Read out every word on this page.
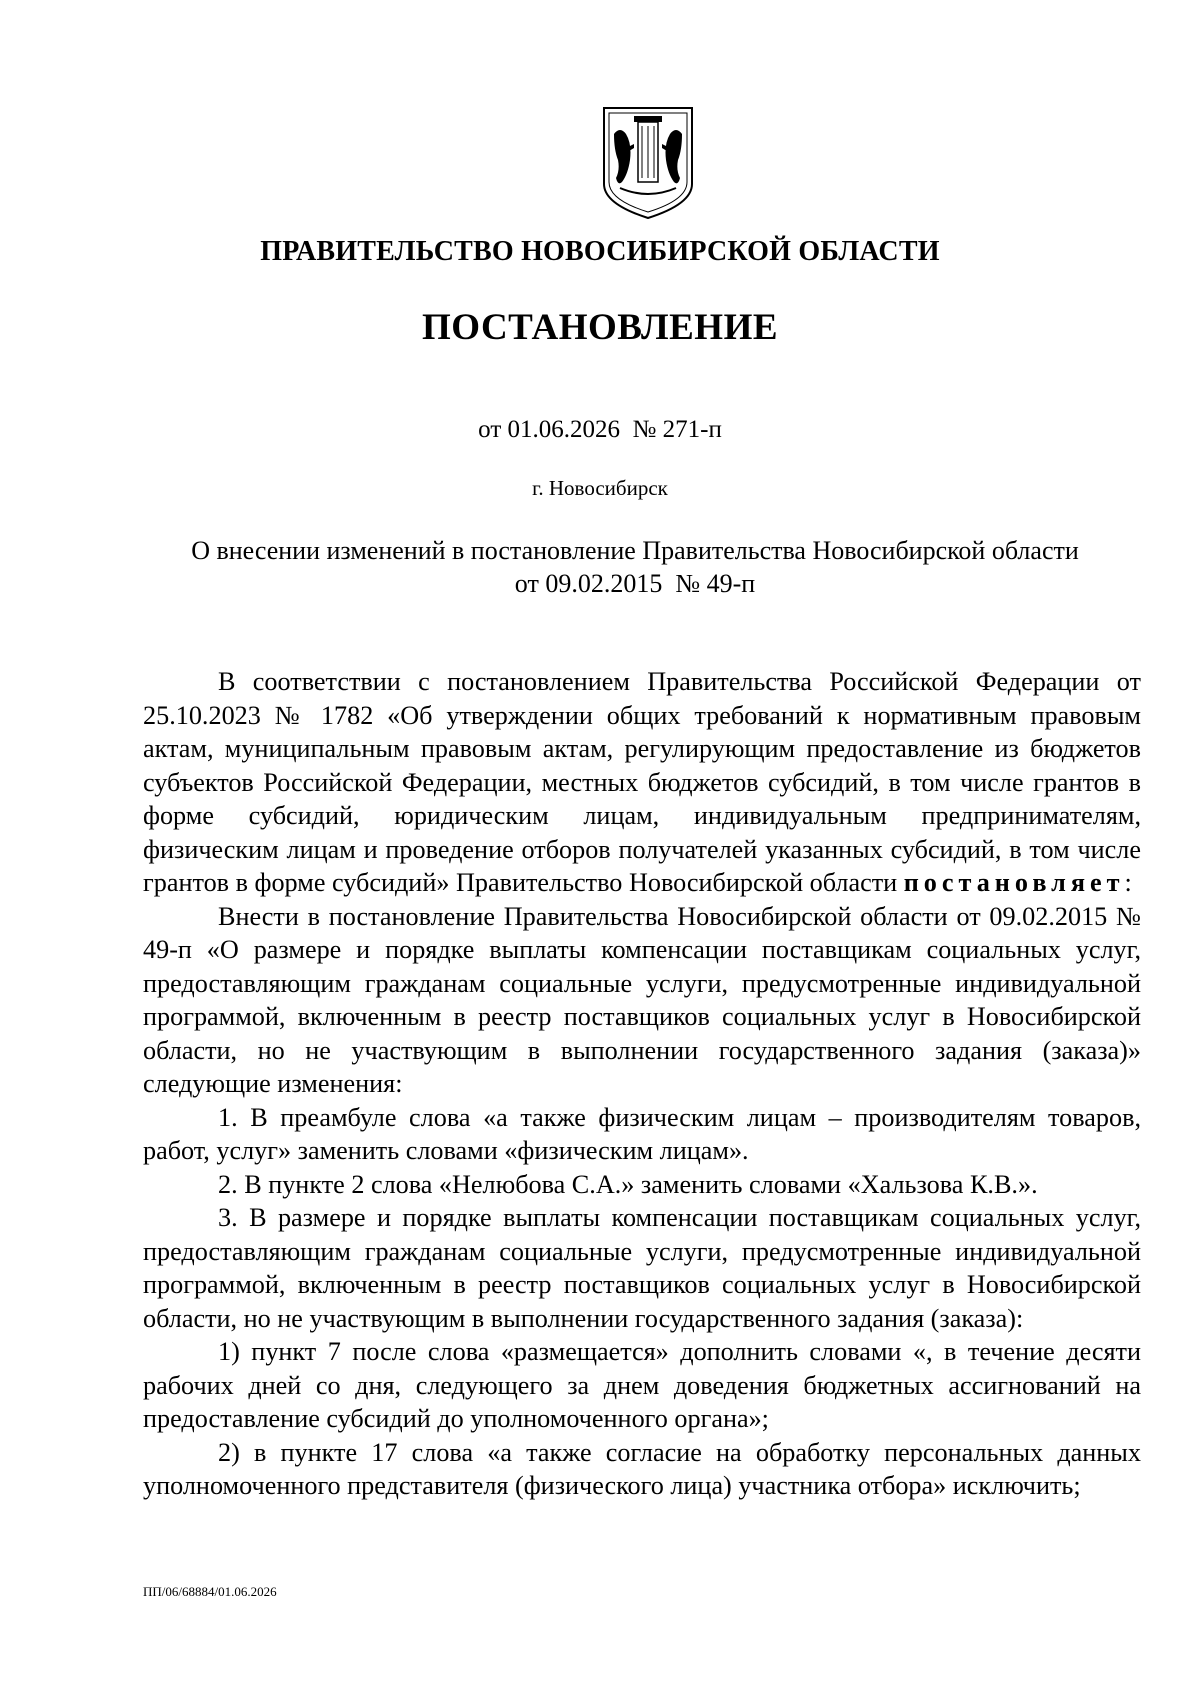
ПРАВИТЕЛЬСТВО НОВОСИБИРСКОЙ ОБЛАСТИ
ПОСТАНОВЛЕНИЕ
от 01.06.2026  № 271-п
г. Новосибирск
О внесении изменений в постановление Правительства Новосибирской области
от 09.02.2015  № 49-п

В соответствии с постановлением Правительства Российской Федерации от 25.10.2023 № 1782 «Об утверждении общих требований к нормативным правовым актам, муниципальным правовым актам, регулирующим предоставление из бюджетов субъектов Российской Федерации, местных бюджетов субсидий, в том числе грантов в форме субсидий, юридическим лицам, индивидуальным предпринимателям, физическим лицам и проведение отборов получателей указанных субсидий, в том числе грантов в форме субсидий» Правительство Новосибирской области постановляет:

Внести в постановление Правительства Новосибирской области от 09.02.2015 № 49-п «О размере и порядке выплаты компенсации поставщикам социальных услуг, предоставляющим гражданам социальные услуги, предусмотренные индивидуальной программой, включенным в реестр поставщиков социальных услуг в Новосибирской области, но не участвующим в выполнении государственного задания (заказа)» следующие изменения:

1. В преамбуле слова «а также физическим лицам – производителям товаров, работ, услуг» заменить словами «физическим лицам».

2. В пункте 2 слова «Нелюбова С.А.» заменить словами «Хальзова К.В.».

3. В размере и порядке выплаты компенсации поставщикам социальных услуг, предоставляющим гражданам социальные услуги, предусмотренные индивидуальной программой, включенным в реестр поставщиков социальных услуг в Новосибирской области, но не участвующим в выполнении государственного задания (заказа):

1) пункт 7 после слова «размещается» дополнить словами «, в течение десяти рабочих дней со дня, следующего за днем доведения бюджетных ассигнований на предоставление субсидий до уполномоченного органа»;

2) в пункте 17 слова «а также согласие на обработку персональных данных уполномоченного представителя (физического лица) участника отбора» исключить;

ПП/06/68884/01.06.2026
